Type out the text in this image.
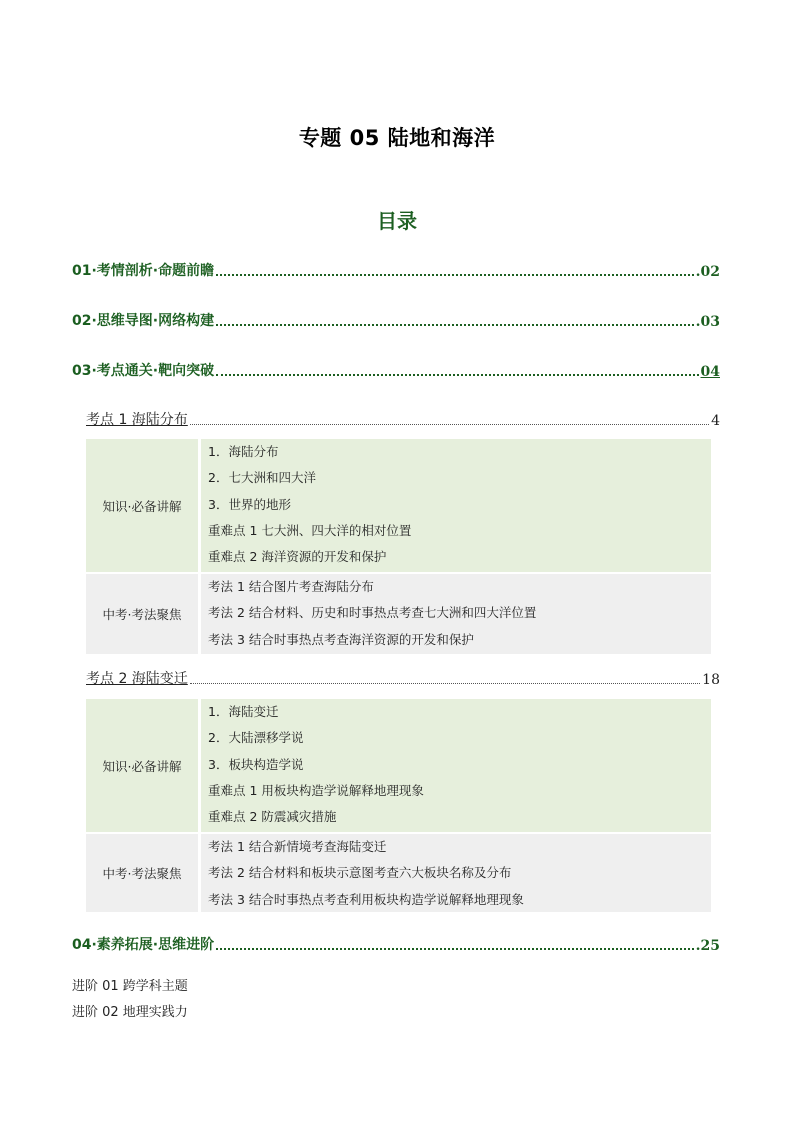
专题 05 陆地和海洋
目录
01·考情剖析·命题前瞻	.02
02·思维导图·网络构建	.03
03·考点通关·靶向突破	04
考点 1 海陆分布	4
知识·必备讲解
1．海陆分布
2．七大洲和四大洋
3．世界的地形
重难点 1 七大洲、四大洋的相对位置
重难点 2 海洋资源的开发和保护
中考·考法聚焦
考法 1 结合图片考查海陆分布
考法 2 结合材料、历史和时事热点考查七大洲和四大洋位置
考法 3 结合时事热点考查海洋资源的开发和保护
考点 2 海陆变迁	18
知识·必备讲解
1．海陆变迁
2．大陆漂移学说
3．板块构造学说
重难点 1 用板块构造学说解释地理现象
重难点 2 防震减灾措施
中考·考法聚焦
考法 1 结合新情境考查海陆变迁
考法 2 结合材料和板块示意图考查六大板块名称及分布
考法 3 结合时事热点考查利用板块构造学说解释地理现象
04·素养拓展·思维进阶	.25
进阶 01 跨学科主题
进阶 02 地理实践力
